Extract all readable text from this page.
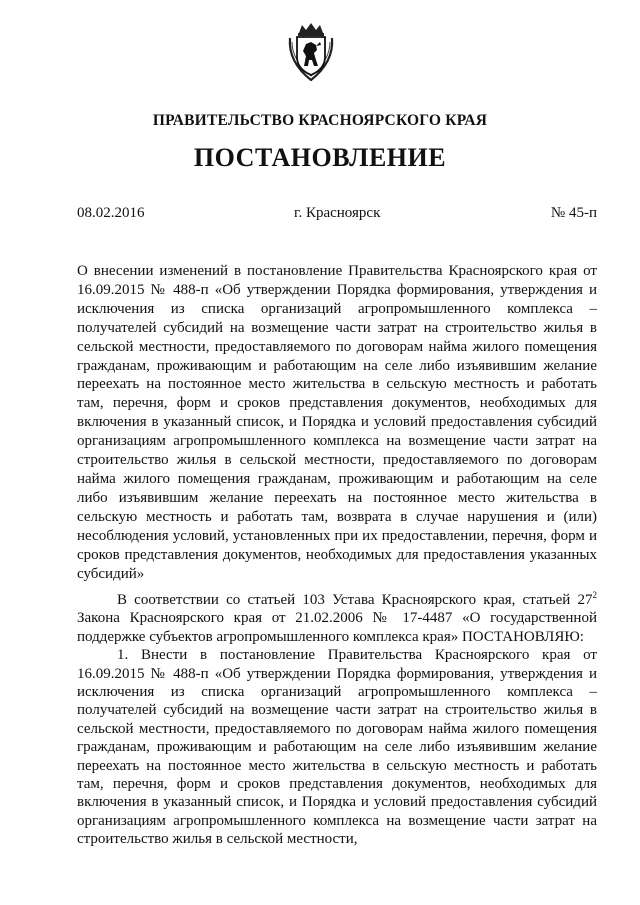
ПРАВИТЕЛЬСТВО КРАСНОЯРСКОГО КРАЯ
ПОСТАНОВЛЕНИЕ
08.02.2016	г. Красноярск	№ 45-п
О внесении изменений в постановление Правительства Красноярского края от 16.09.2015 № 488-п «Об утверждении Порядка формирования, утверждения и исключения из списка организаций агропромышленного комплекса – получателей субсидий на возмещение части затрат на строительство жилья в сельской местности, предоставляемого по договорам найма жилого помещения гражданам, проживающим и работающим на селе либо изъявившим желание переехать на постоянное место жительства в сельскую местность и работать там, перечня, форм и сроков представления документов, необходимых для включения в указанный список, и Порядка и условий предоставления субсидий организациям агропромышленного комплекса на возмещение части затрат на строительство жилья в сельской местности, предоставляемого по договорам найма жилого помещения гражданам, проживающим и работающим на селе либо изъявившим желание переехать на постоянное место жительства в сельскую местность и работать там, возврата в случае нарушения и (или) несоблюдения условий, установленных при их предоставлении, перечня, форм и сроков представления документов, необходимых для предоставления указанных субсидий»

В соответствии со статьей 103 Устава Красноярского края, статьей $27^2$ Закона Красноярского края от 21.02.2006 № 17-4487 «О государственной поддержке субъектов агропромышленного комплекса края» ПОСТАНОВЛЯЮ:

1. Внести в постановление Правительства Красноярского края от 16.09.2015 № 488-п «Об утверждении Порядка формирования, утверждения и исключения из списка организаций агропромышленного комплекса – получателей субсидий на возмещение части затрат на строительство жилья в сельской местности, предоставляемого по договорам найма жилого помещения гражданам, проживающим и работающим на селе либо изъявившим желание переехать на постоянное место жительства в сельскую местность и работать там, перечня, форм и сроков представления документов, необходимых для включения в указанный список, и Порядка и условий предоставления субсидий организациям агропромышленного комплекса на возмещение части затрат на строительство жилья в сельской местности,
